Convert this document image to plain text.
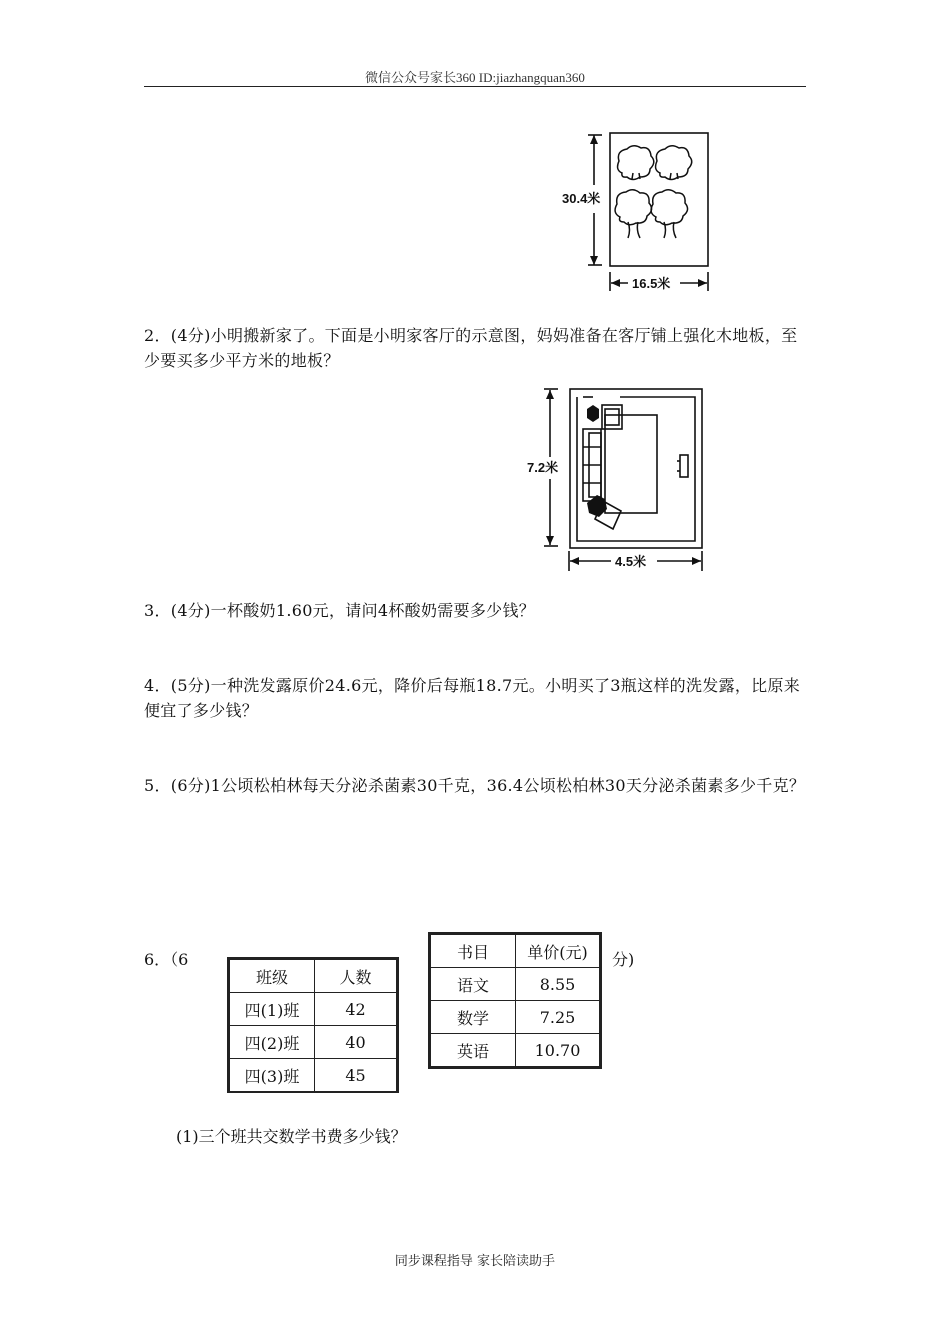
微信公众号家长360 ID:jiazhangquan360
30.4米
16.5米
2．(4分)小明搬新家了。下面是小明家客厅的示意图，妈妈准备在客厅铺上强化木地板，至少要买多少平方米的地板？
7.2米
4.5米
3．(4分)一杯酸奶1.60元，请问4杯酸奶需要多少钱？
4．(5分)一种洗发露原价24.6元，降价后每瓶18.7元。小明买了3瓶这样的洗发露，比原来便宜了多少钱？
5．(6分)1公顷松柏林每天分泌杀菌素30千克，36.4公顷松柏林30天分泌杀菌素多少千克？
6．（6	分)
班级	人数
四(1)班	42
四(2)班	40
四(3)班	45
书目	单价(元)
语文	8.55
数学	7.25
英语	10.70
(1)三个班共交数学书费多少钱？
同步课程指导 家长陪读助手
